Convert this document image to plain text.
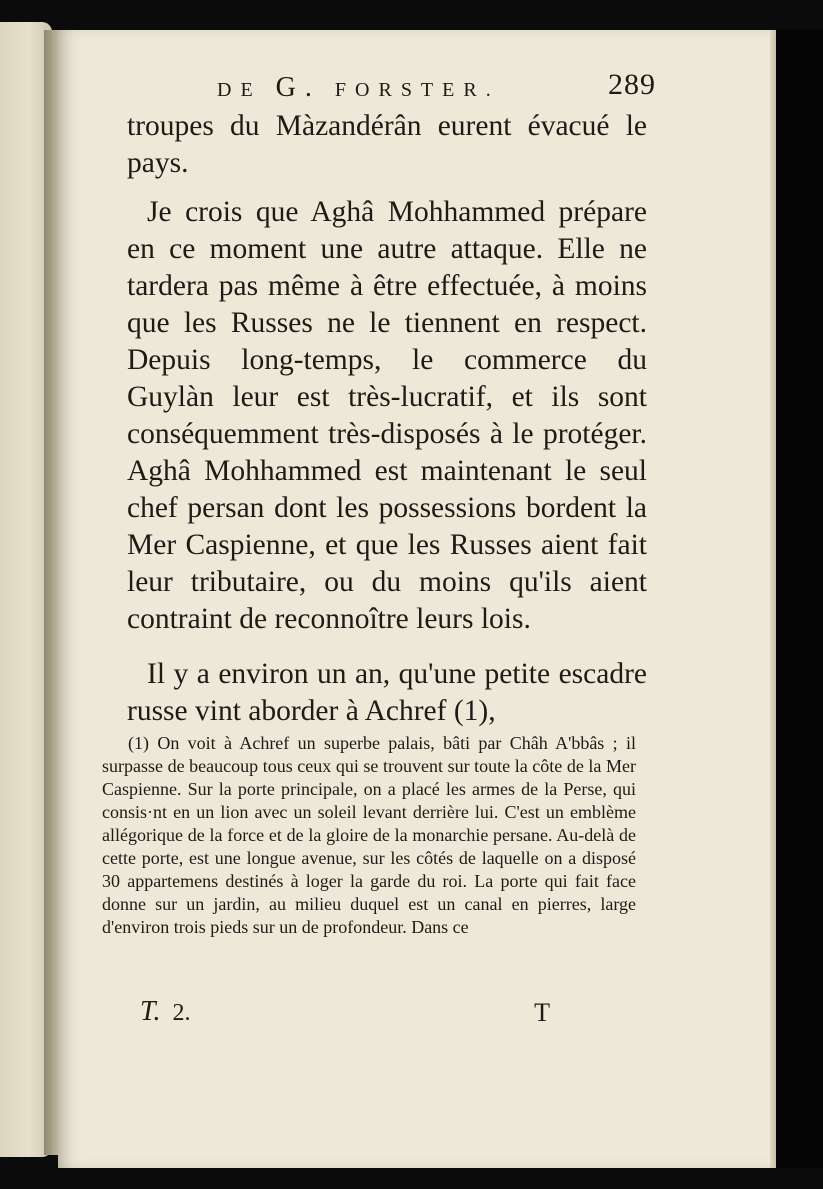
DE G. FORSTER.	289

troupes du Màzandérân eurent évacué le pays.

Je crois que Aghâ Mohhammed prépare en ce moment une autre attaque. Elle ne tardera pas même à être effectuée, à moins que les Russes ne le tiennent en respect. Depuis long-temps, le commerce du Guylàn leur est très-lucratif, et ils sont conséquemment très-disposés à le protéger. Aghâ Mohhammed est maintenant le seul chef persan dont les possessions bordent la Mer Caspienne, et que les Russes aient fait leur tributaire, ou du moins qu'ils aient contraint de reconnoître leurs lois.

Il y a environ un an, qu'une petite escadre russe vint aborder à Achref (1),

(1) On voit à Achref un superbe palais, bâti par Châh A'bbâs ; il surpasse de beaucoup tous ceux qui se trouvent sur toute la côte de la Mer Caspienne. Sur la porte principale, on a placé les armes de la Perse, qui consis·nt en un lion avec un soleil levant derrière lui. C'est un emblème allégorique de la force et de la gloire de la monarchie persane. Au-delà de cette porte, est une longue avenue, sur les côtés de laquelle on a disposé 30 appartemens destinés à loger la garde du roi. La porte qui fait face donne sur un jardin, au milieu duquel est un canal en pierres, large d'environ trois pieds sur un de profondeur. Dans ce

T. 2.	T
